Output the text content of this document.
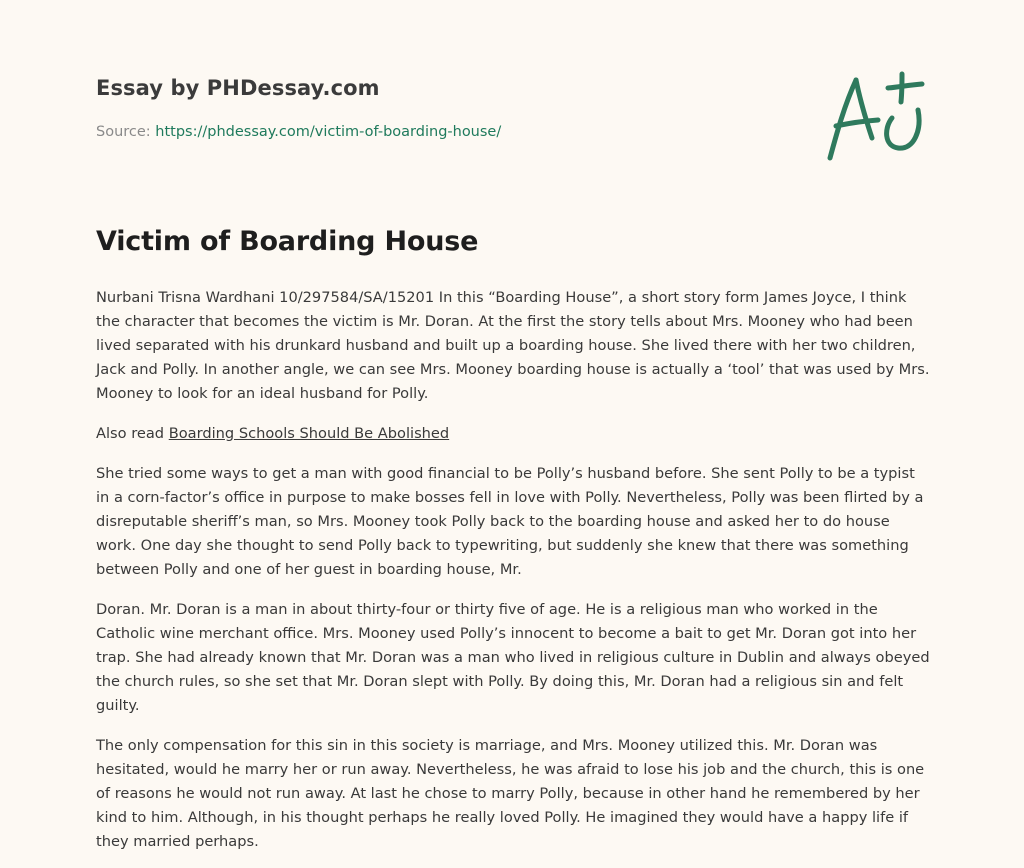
Essay by PHDessay.com
Source: https://phdessay.com/victim-of-boarding-house/
Victim of Boarding House

Nurbani Trisna Wardhani 10/297584/SA/15201 In this “Boarding House”, a short story form James Joyce, I think the character that becomes the victim is Mr. Doran. At the first the story tells about Mrs. Mooney who had been lived separated with his drunkard husband and built up a boarding house. She lived there with her two children, Jack and Polly. In another angle, we can see Mrs. Mooney boarding house is actually a ‘tool’ that was used by Mrs. Mooney to look for an ideal husband for Polly.

Also read Boarding Schools Should Be Abolished

She tried some ways to get a man with good financial to be Polly’s husband before. She sent Polly to be a typist in a corn-factor’s office in purpose to make bosses fell in love with Polly. Nevertheless, Polly was been flirted by a disreputable sheriff’s man, so Mrs. Mooney took Polly back to the boarding house and asked her to do house work. One day she thought to send Polly back to typewriting, but suddenly she knew that there was something between Polly and one of her guest in boarding house, Mr.

Doran. Mr. Doran is a man in about thirty-four or thirty five of age. He is a religious man who worked in the Catholic wine merchant office. Mrs. Mooney used Polly’s innocent to become a bait to get Mr. Doran got into her trap. She had already known that Mr. Doran was a man who lived in religious culture in Dublin and always obeyed the church rules, so she set that Mr. Doran slept with Polly. By doing this, Mr. Doran had a religious sin and felt guilty.

The only compensation for this sin in this society is marriage, and Mrs. Mooney utilized this. Mr. Doran was hesitated, would he marry her or run away. Nevertheless, he was afraid to lose his job and the church, this is one of reasons he would not run away. At last he chose to marry Polly, because in other hand he remembered by her kind to him. Although, in his thought perhaps he really loved Polly. He imagined they would have a happy life if they married perhaps.
